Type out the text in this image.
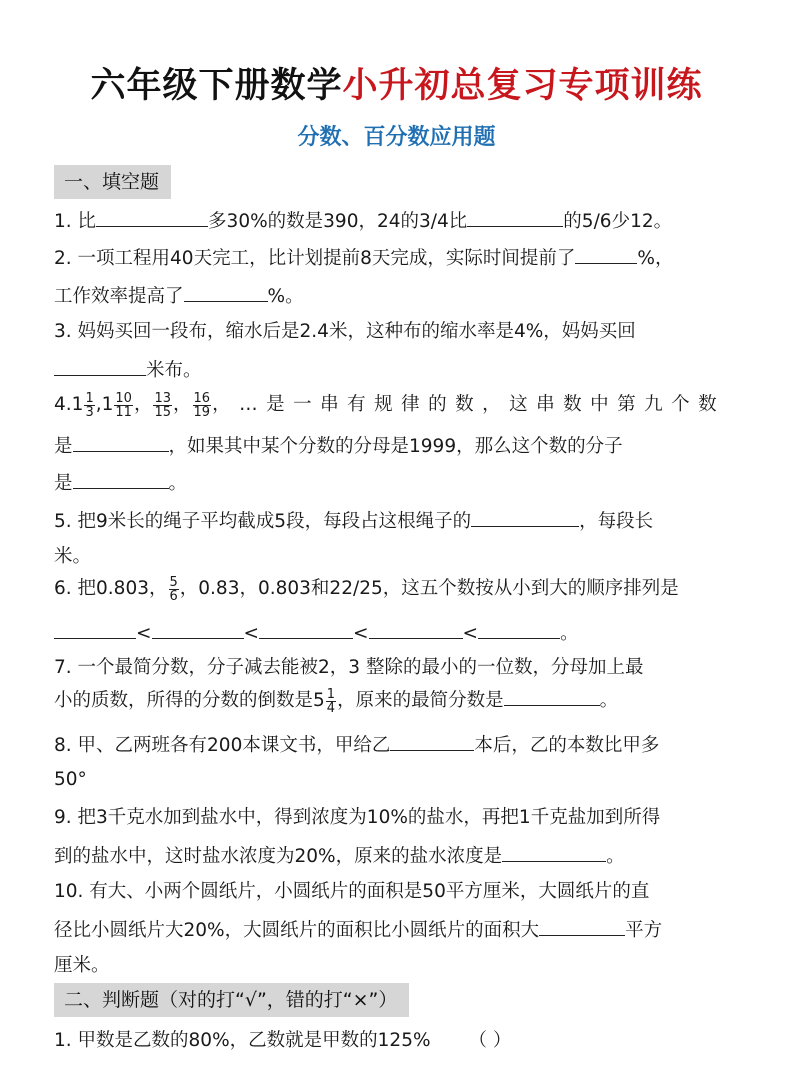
六年级下册数学小升初总复习专项训练
分数、百分数应用题
一、填空题
1. 比	多30%的数是390，24的3/4比	的5/6少12。
2. 一项工程用40天完工，比计划提前8天完成，实际时间提前了	%，
工作效率提高了	%。
3. 妈妈买回一段布，缩水后是2.4米，这种布的缩水率是4%，妈妈买回
米布。
$4.1 \frac{1}{3} ,1 \frac{10}{11}$ ， $\frac{13}{15}$ ， $\frac{16}{19}$ ，…是一串有规律的数，这串数中第九个数
是	，如果其中某个分数的分母是1999，那么这个数的分子
是	。
5. 把9米长的绳子平均截成5段，每段占这根绳子的	，每段长
米。
6. 把0.803， $\frac{5}{6}$ ，0.83，0.803和22/25，这五个数按从小到大的顺序排列是
<	<	<	<	。
7. 一个最简分数，分子减去能被2，3 整除的最小的一位数，分母加上最
小的质数，所得的分数的倒数是$5 \frac{1}{4}$ ，原来的最简分数是	。
8. 甲、乙两班各有200本课文书，甲给乙	本后，乙的本数比甲多
50°
9. 把3千克水加到盐水中，得到浓度为10%的盐水，再把1千克盐加到所得
到的盐水中，这时盐水浓度为20%，原来的盐水浓度是	。
10. 有大、小两个圆纸片，小圆纸片的面积是50平方厘米，大圆纸片的直
径比小圆纸片大20%，大圆纸片的面积比小圆纸片的面积大	平方
厘米。
二、判断题（对的打“√”，错的打“×”）
1. 甲数是乙数的80%，乙数就是甲数的125% （ ）
